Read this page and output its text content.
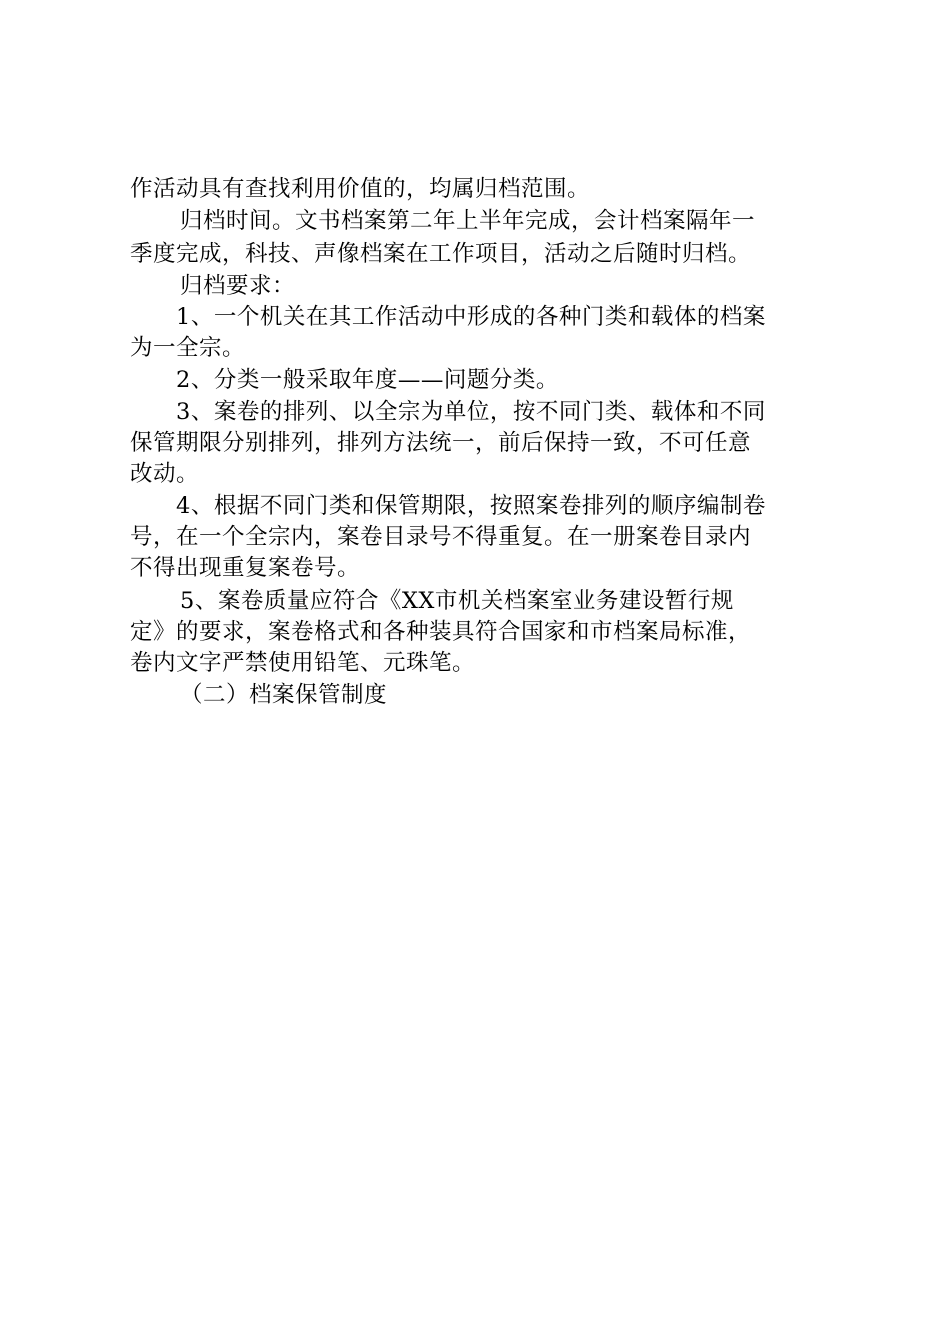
作活动具有查找利用价值的，均属归档范围。
归档时间。文书档案第二年上半年完成，会计档案隔年一
季度完成，科技、声像档案在工作项目，活动之后随时归档。
归档要求：
1、一个机关在其工作活动中形成的各种门类和载体的档案
为一全宗。
2、分类一般采取年度——问题分类。
3、案卷的排列、以全宗为单位，按不同门类、载体和不同
保管期限分别排列，排列方法统一，前后保持一致，不可任意
改动。
4、根据不同门类和保管期限，按照案卷排列的顺序编制卷
号，在一个全宗内，案卷目录号不得重复。在一册案卷目录内
不得出现重复案卷号。
5、案卷质量应符合《XX市机关档案室业务建设暂行规
定》的要求，案卷格式和各种装具符合国家和市档案局标准，
卷内文字严禁使用铅笔、元珠笔。
（二）档案保管制度
